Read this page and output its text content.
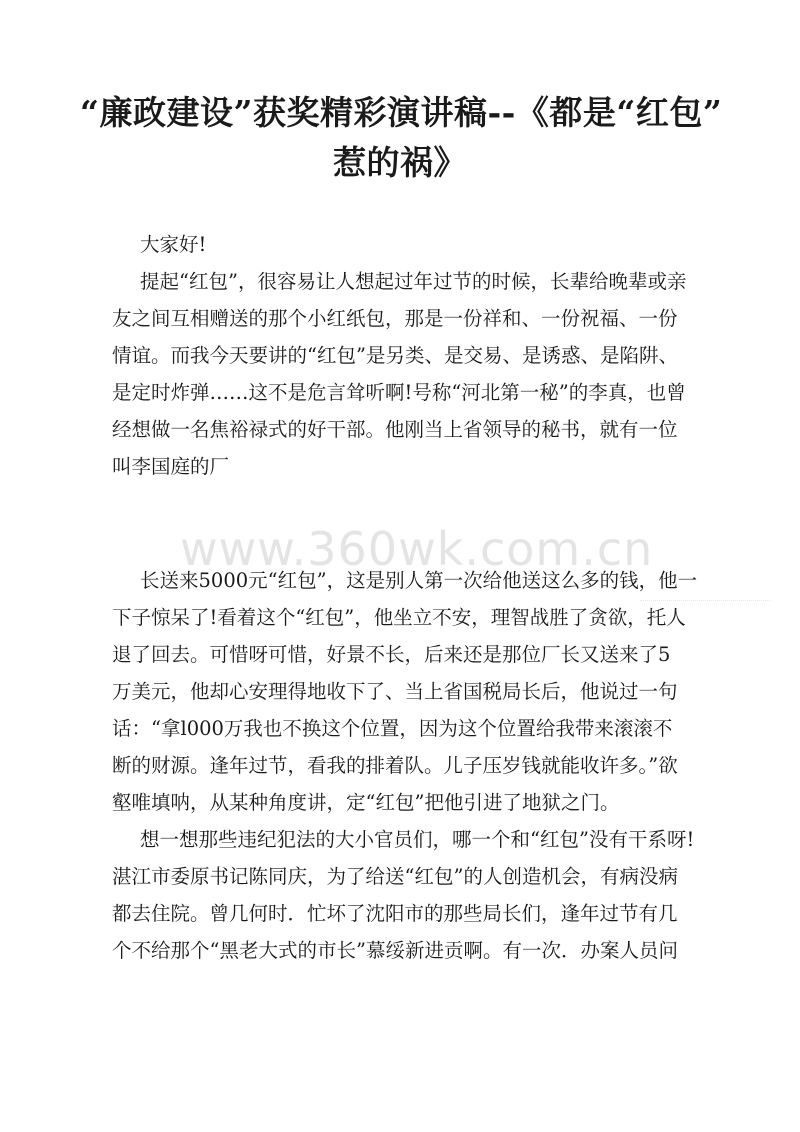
“廉政建设”获奖精彩演讲稿--《都是“红包”
惹的祸》

大家好!

提起“红包”，很容易让人想起过年过节的时候，长辈给晚辈或亲
友之间互相赠送的那个小红纸包，那是一份祥和、一份祝福、一份
情谊。而我今天要讲的“红包”是另类、是交易、是诱惑、是陷阱、
是定时炸弹……这不是危言耸听啊!号称“河北第一秘”的李真，也曾
经想做一名焦裕禄式的好干部。他刚当上省领导的秘书，就有一位
叫李国庭的厂

www.360wk.com.cn

长送来5000元“红包”，这是别人第一次给他送这么多的钱，他一
下子惊呆了!看着这个“红包”，他坐立不安，理智战胜了贪欲，托人
退了回去。可惜呀可惜，好景不长，后来还是那位厂长又送来了5
万美元，他却心安理得地收下了、当上省国税局长后，他说过一句
话：“拿l000万我也不换这个位置，因为这个位置给我带来滚滚不
断的财源。逢年过节，看我的排着队。儿子压岁钱就能收许多。”欲
壑唯填呐，从某种角度讲，定“红包”把他引进了地狱之门。

想一想那些违纪犯法的大小官员们，哪一个和“红包”没有干系呀!
湛江市委原书记陈同庆，为了给送“红包”的人创造机会，有病没病
都去住院。曾几何时．忙坏了沈阳市的那些局长们，逢年过节有几
个不给那个“黑老大式的市长”慕绥新进贡啊。有一次．办案人员问
